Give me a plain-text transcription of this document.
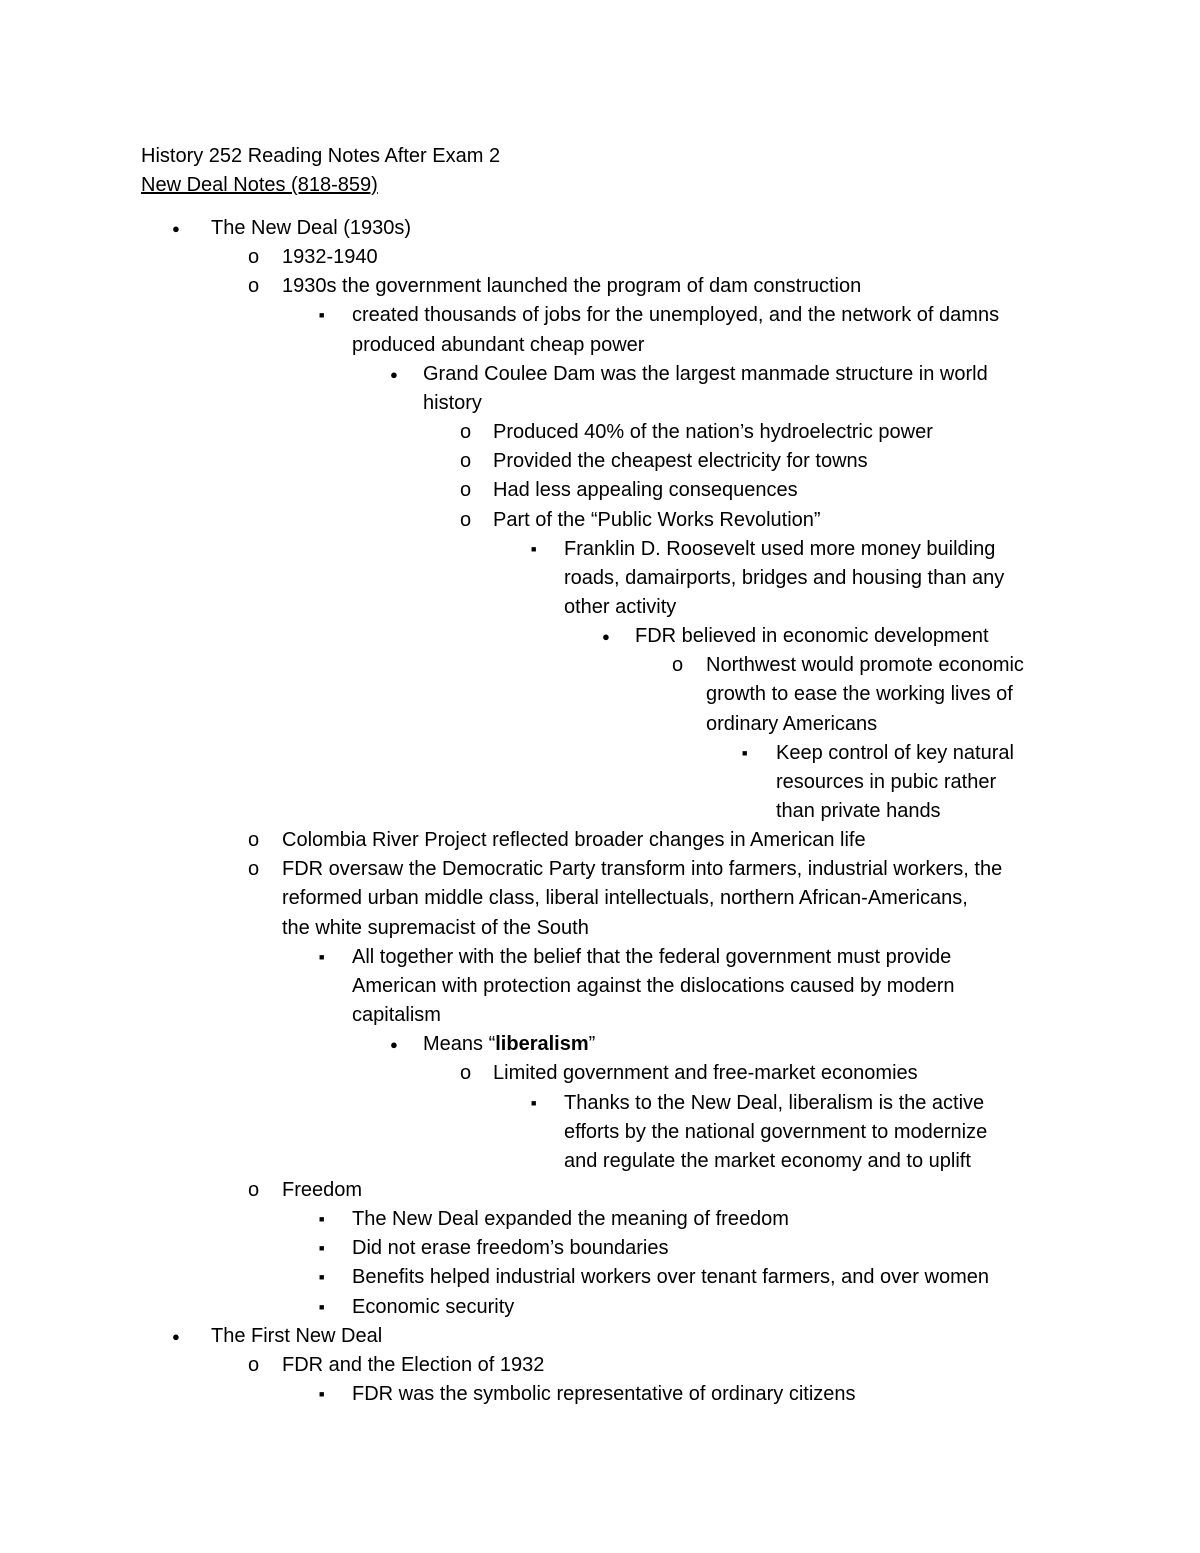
History 252 Reading Notes After Exam 2
New Deal Notes (818-859)
● The New Deal (1930s)
o 1932-1940
o 1930s the government launched the program of dam construction
■ created thousands of jobs for the unemployed, and the network of damns
produced abundant cheap power
● Grand Coulee Dam was the largest manmade structure in world
history
o Produced 40% of the nation’s hydroelectric power
o Provided the cheapest electricity for towns
o Had less appealing consequences
o Part of the “Public Works Revolution”
■ Franklin D. Roosevelt used more money building
roads, damairports, bridges and housing than any
other activity
● FDR believed in economic development
o Northwest would promote economic
growth to ease the working lives of
ordinary Americans
■ Keep control of key natural
resources in pubic rather
than private hands
o Colombia River Project reflected broader changes in American life
o FDR oversaw the Democratic Party transform into farmers, industrial workers, the
reformed urban middle class, liberal intellectuals, northern African-Americans,
the white supremacist of the South
■ All together with the belief that the federal government must provide
American with protection against the dislocations caused by modern
capitalism
● Means “liberalism”
o Limited government and free-market economies
■ Thanks to the New Deal, liberalism is the active
efforts by the national government to modernize
and regulate the market economy and to uplift
o Freedom
■ The New Deal expanded the meaning of freedom
■ Did not erase freedom’s boundaries
■ Benefits helped industrial workers over tenant farmers, and over women
■ Economic security
● The First New Deal
o FDR and the Election of 1932
■ FDR was the symbolic representative of ordinary citizens
